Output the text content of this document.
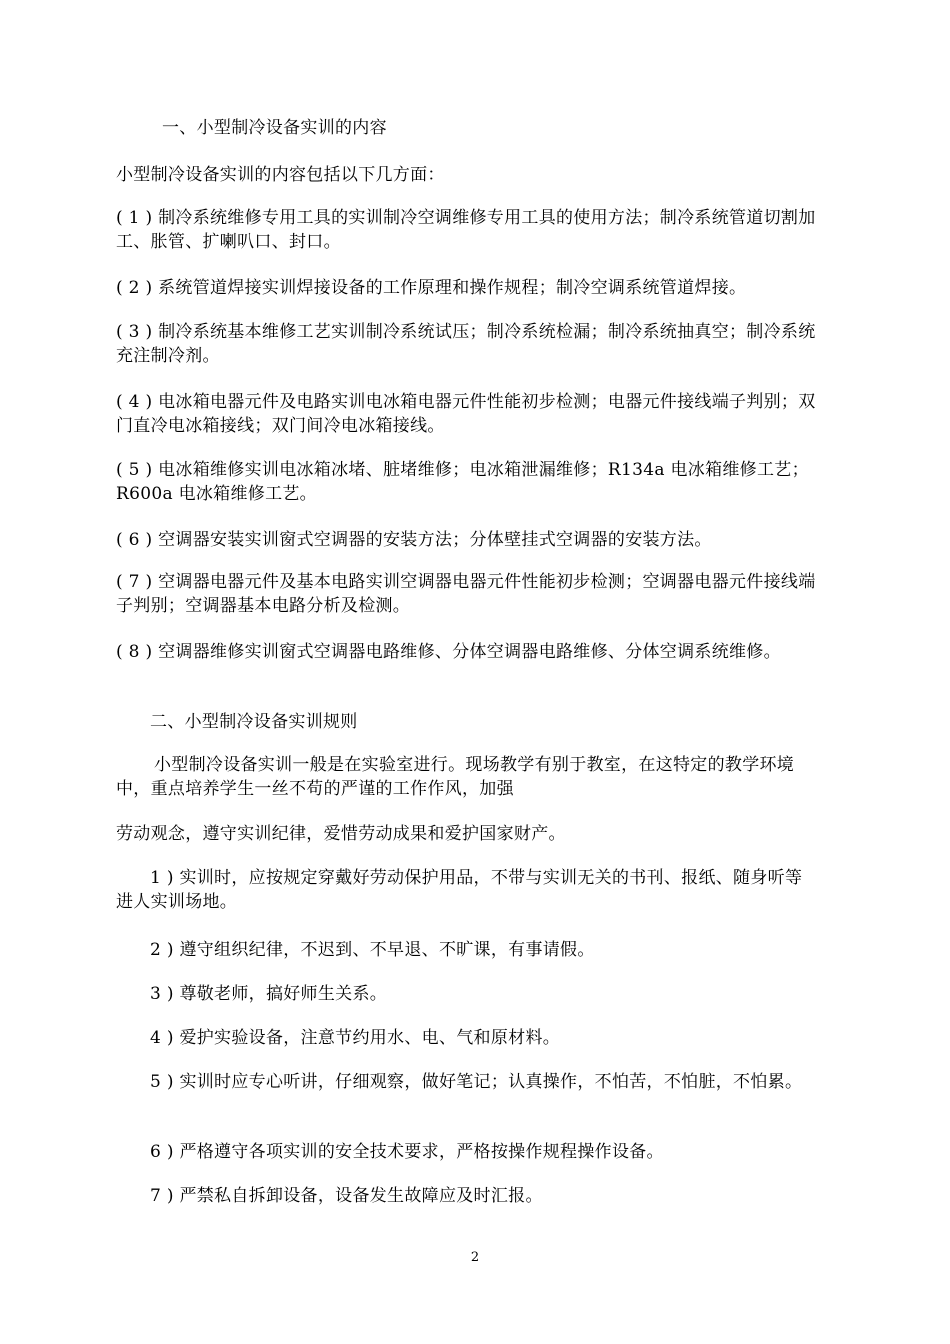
一、小型制冷设备实训的内容
小型制冷设备实训的内容包括以下几方面：
( 1 ) 制冷系统维修专用工具的实训制冷空调维修专用工具的使用方法；制冷系统管道切割加工、胀管、扩喇叭口、封口。
( 2 ) 系统管道焊接实训焊接设备的工作原理和操作规程；制冷空调系统管道焊接。
( 3 ) 制冷系统基本维修工艺实训制冷系统试压；制冷系统检漏；制冷系统抽真空；制冷系统充注制冷剂。
( 4 ) 电冰箱电器元件及电路实训电冰箱电器元件性能初步检测；电器元件接线端子判别；双门直冷电冰箱接线；双门间冷电冰箱接线。
( 5 ) 电冰箱维修实训电冰箱冰堵、脏堵维修；电冰箱泄漏维修；R134a 电冰箱维修工艺；R600a 电冰箱维修工艺。
( 6 ) 空调器安装实训窗式空调器的安装方法；分体壁挂式空调器的安装方法。
( 7 ) 空调器电器元件及基本电路实训空调器电器元件性能初步检测；空调器电器元件接线端子判别；空调器基本电路分析及检测。
( 8 ) 空调器维修实训窗式空调器电路维修、分体空调器电路维修、分体空调系统维修。
二、小型制冷设备实训规则
小型制冷设备实训一般是在实验室进行。现场教学有别于教室，在这特定的教学环境中，重点培养学生一丝不苟的严谨的工作作风，加强
劳动观念，遵守实训纪律，爱惜劳动成果和爱护国家财产。
1 ) 实训时，应按规定穿戴好劳动保护用品，不带与实训无关的书刊、报纸、随身听等进人实训场地。
2 ) 遵守组织纪律，不迟到、不早退、不旷课，有事请假。
3 ) 尊敬老师，搞好师生关系。
4 ) 爱护实验设备，注意节约用水、电、气和原材料。
5 ) 实训时应专心听讲，仔细观察，做好笔记；认真操作，不怕苦，不怕脏，不怕累。
6 ) 严格遵守各项实训的安全技术要求，严格按操作规程操作设备。
7 ) 严禁私自拆卸设备，设备发生故障应及时汇报。
2
